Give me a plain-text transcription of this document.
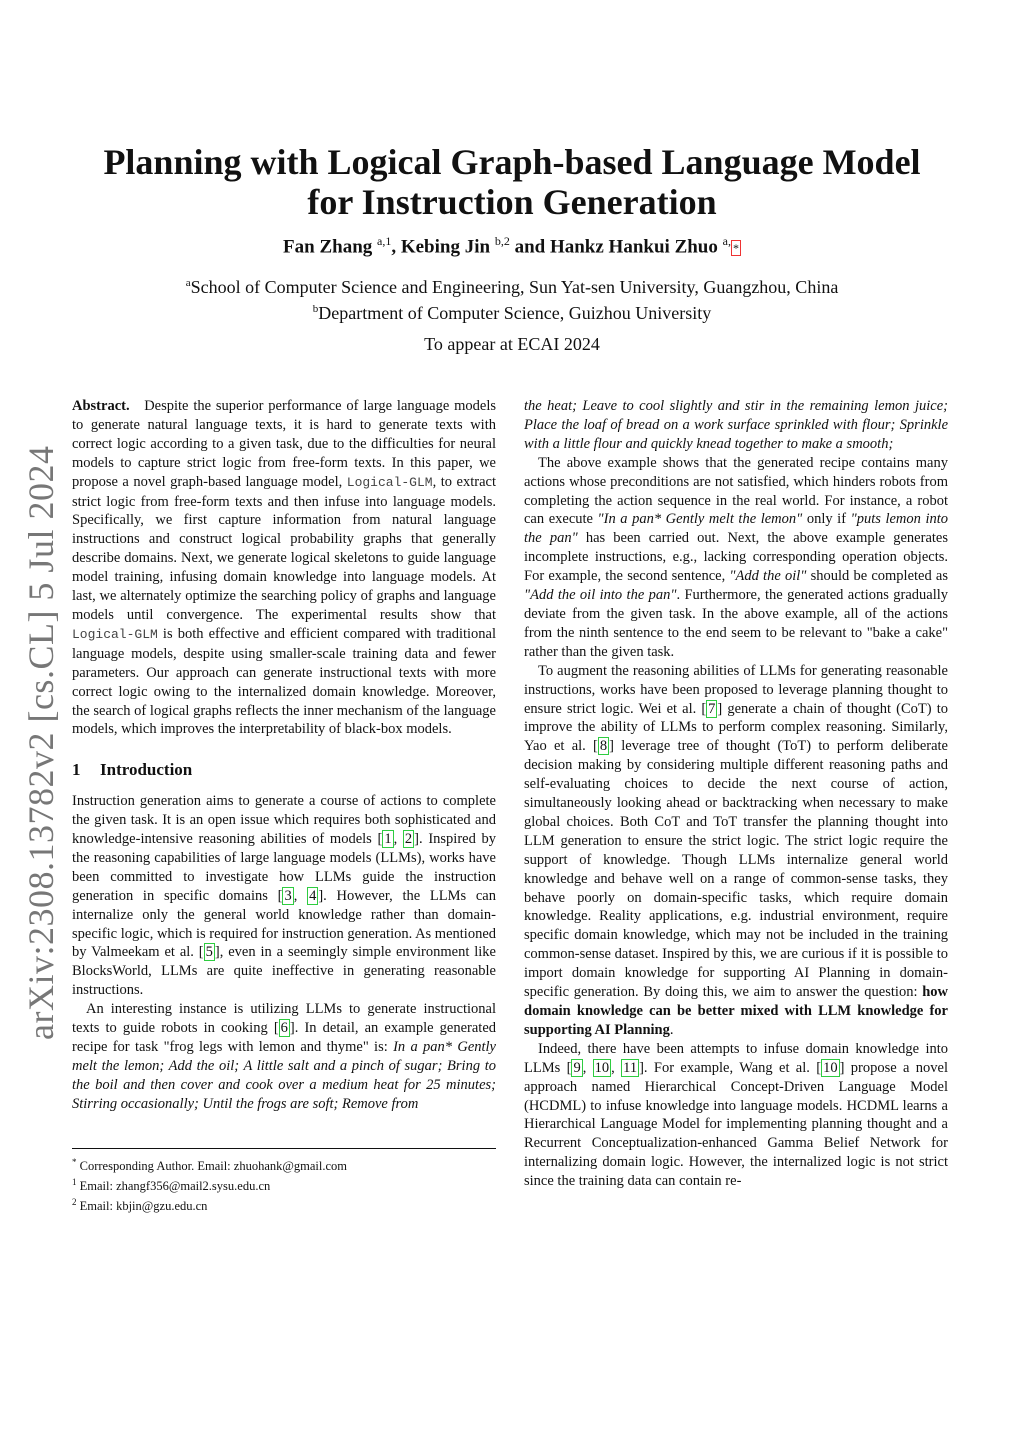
arXiv:2308.13782v2 [cs.CL] 5 Jul 2024
Planning with Logical Graph-based Language Model
for Instruction Generation
Fan Zhang $^{a,1}$, Kebing Jin $^{b,2}$ and Hankz Hankui Zhuo $^{a,}$*
$^a$School of Computer Science and Engineering, Sun Yat-sen University, Guangzhou, China
$^b$Department of Computer Science, Guizhou University
To appear at ECAI 2024

Abstract. Despite the superior performance of large language models to generate natural language texts, it is hard to generate texts with correct logic according to a given task, due to the difficulties for neural models to capture strict logic from free-form texts. In this paper, we propose a novel graph-based language model, Logical-GLM, to extract strict logic from free-form texts and then infuse into language models. Specifically, we first capture information from natural language instructions and construct logical probability graphs that generally describe domains. Next, we generate logical skeletons to guide language model training, infusing domain knowledge into language models. At last, we alternately optimize the searching policy of graphs and language models until convergence. The experimental results show that Logical-GLM is both effective and efficient compared with traditional language models, despite using smaller-scale training data and fewer parameters. Our approach can generate instructional texts with more correct logic owing to the internalized domain knowledge. Moreover, the search of logical graphs reflects the inner mechanism of the language models, which improves the interpretability of black-box models.

1 Introduction

Instruction generation aims to generate a course of actions to complete the given task. It is an open issue which requires both sophisticated and knowledge-intensive reasoning abilities of models [ 1 , 2 ]. Inspired by the reasoning capabilities of large language models (LLMs), works have been committed to investigate how LLMs guide the instruction generation in specific domains [ 3 , 4 ]. However, the LLMs can internalize only the general world knowledge rather than domain-specific logic, which is required for instruction generation. As mentioned by Valmeekam et al. [ 5 ], even in a seemingly simple environment like BlocksWorld, LLMs are quite ineffective in generating reasonable instructions.

An interesting instance is utilizing LLMs to generate instructional texts to guide robots in cooking [ 6 ]. In detail, an example generated recipe for task "frog legs with lemon and thyme" is: In a pan* Gently melt the lemon; Add the oil; A little salt and a pinch of sugar; Bring to the boil and then cover and cook over a medium heat for 25 minutes; Stirring occasionally; Until the frogs are soft; Remove from

* Corresponding Author. Email: zhuohank@gmail.com
$^1$ Email: zhangf356@mail2.sysu.edu.cn
$^2$ Email: kbjin@gzu.edu.cn

the heat; Leave to cool slightly and stir in the remaining lemon juice; Place the loaf of bread on a work surface sprinkled with flour; Sprinkle with a little flour and quickly knead together to make a smooth;

The above example shows that the generated recipe contains many actions whose preconditions are not satisfied, which hinders robots from completing the action sequence in the real world. For instance, a robot can execute "In a pan* Gently melt the lemon" only if "puts lemon into the pan" has been carried out. Next, the above example generates incomplete instructions, e.g., lacking corresponding operation objects. For example, the second sentence, "Add the oil" should be completed as "Add the oil into the pan". Furthermore, the generated actions gradually deviate from the given task. In the above example, all of the actions from the ninth sentence to the end seem to be relevant to "bake a cake" rather than the given task.

To augment the reasoning abilities of LLMs for generating reasonable instructions, works have been proposed to leverage planning thought to ensure strict logic. Wei et al. [ 7 ] generate a chain of thought (CoT) to improve the ability of LLMs to perform complex reasoning. Similarly, Yao et al. [ 8 ] leverage tree of thought (ToT) to perform deliberate decision making by considering multiple different reasoning paths and self-evaluating choices to decide the next course of action, simultaneously looking ahead or backtracking when necessary to make global choices. Both CoT and ToT transfer the planning thought into LLM generation to ensure the strict logic. The strict logic require the support of knowledge. Though LLMs internalize general world knowledge and behave well on a range of common-sense tasks, they behave poorly on domain-specific tasks, which require domain knowledge. Reality applications, e.g. industrial environment, require specific domain knowledge, which may not be included in the training common-sense dataset. Inspired by this, we are curious if it is possible to import domain knowledge for supporting AI Planning in domain-specific generation. By doing this, we aim to answer the question: how domain knowledge can be better mixed with LLM knowledge for supporting AI Planning.

Indeed, there have been attempts to infuse domain knowledge into LLMs [ 9 , 10 , 11 ]. For example, Wang et al. [ 10 ] propose a novel approach named Hierarchical Concept-Driven Language Model (HCDML) to infuse knowledge into language models. HCDML learns a Hierarchical Language Model for implementing planning thought and a Recurrent Conceptualization-enhanced Gamma Belief Network for internalizing domain logic. However, the internalized logic is not strict since the training data can contain re-
